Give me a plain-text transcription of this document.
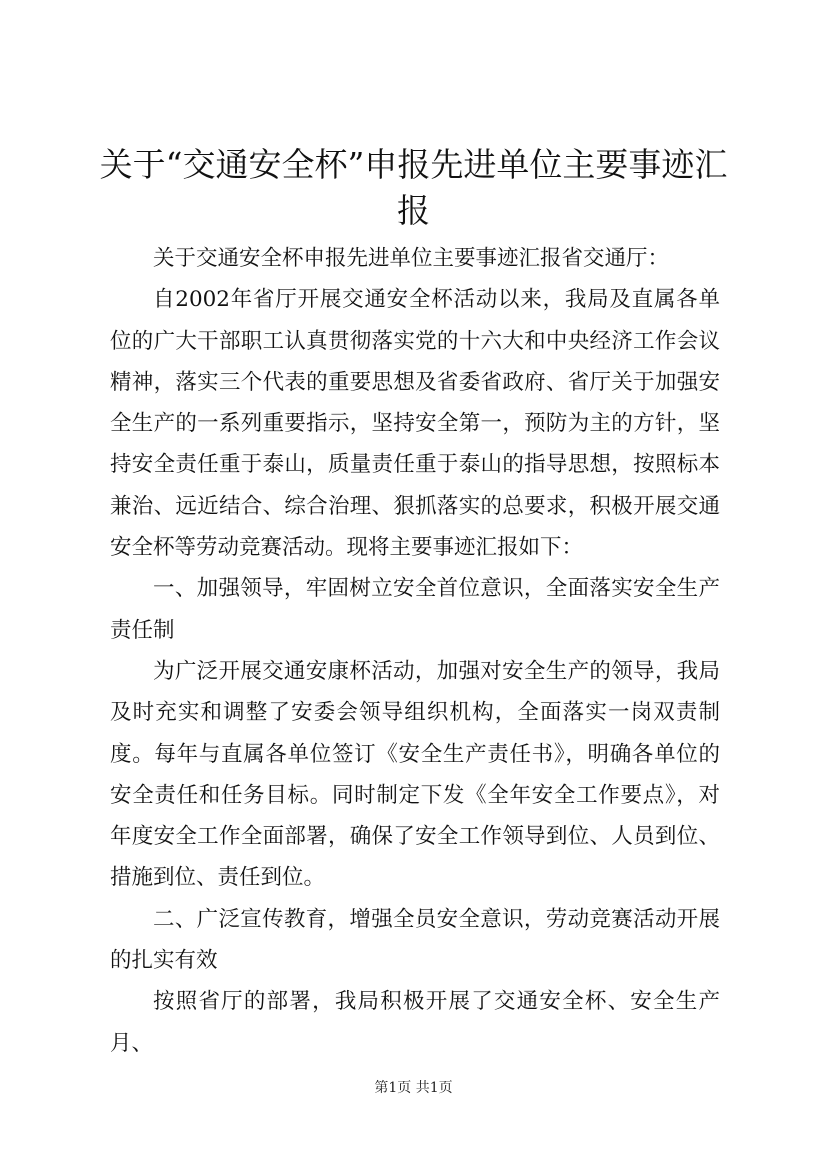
关于“交通安全杯”申报先进单位主要事迹汇报

关于交通安全杯申报先进单位主要事迹汇报省交通厅：

自2002年省厅开展交通安全杯活动以来，我局及直属各单位的广大干部职工认真贯彻落实党的十六大和中央经济工作会议精神，落实三个代表的重要思想及省委省政府、省厅关于加强安全生产的一系列重要指示，坚持安全第一，预防为主的方针，坚持安全责任重于泰山，质量责任重于泰山的指导思想，按照标本兼治、远近结合、综合治理、狠抓落实的总要求，积极开展交通安全杯等劳动竞赛活动。现将主要事迹汇报如下：

一、加强领导，牢固树立安全首位意识，全面落实安全生产责任制

为广泛开展交通安康杯活动，加强对安全生产的领导，我局及时充实和调整了安委会领导组织机构，全面落实一岗双责制度。每年与直属各单位签订《安全生产责任书》，明确各单位的安全责任和任务目标。同时制定下发《全年安全工作要点》，对年度安全工作全面部署，确保了安全工作领导到位、人员到位、措施到位、责任到位。

二、广泛宣传教育，增强全员安全意识，劳动竞赛活动开展的扎实有效

按照省厅的部署，我局积极开展了交通安全杯、安全生产月、

第1页 共1页
